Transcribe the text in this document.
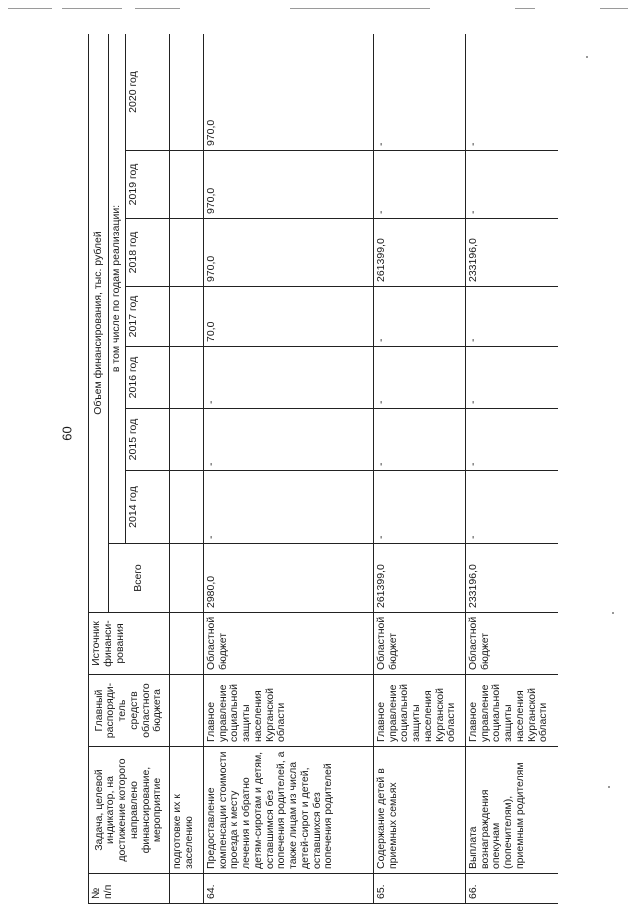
60
№ п/п	Задача, целевой индикатор, на достижение которого направлено финансирование, мероприятие	Главный распоряди-тель средств областного бюджета	Источник финанси-рования	Объем финансирования, тыс. рублей							
				Всего	в том числе по годам реализации:						
					2014 год	2015 год	2016 год	2017 год	2018 год	2019 год	2020 год
	подготовке их к заселению										
64.	Предоставление компенсации стоимости проезда к месту лечения и обратно детям-сиротам и детям, оставшимся без попечения родителей, а также лицам из числа детей-сирот и детей, оставшихся без попечения родителей	Главное управление социальной защиты населения Курганской области	Областной бюджет	2980,0	-	-	-	70,0	970,0	970,0	970,0
65.	Содержание детей в приемных семьях	Главное управление социальной защиты населения Курганской области	Областной бюджет	261399,0	-	-	-	-	261399,0	-	-
66.	Выплата вознаграждения опекунам (попечителям), приемным родителям	Главное управление социальной защиты населения Курганской области	Областной бюджет	233196,0	-	-	-	-	233196,0	-	-
